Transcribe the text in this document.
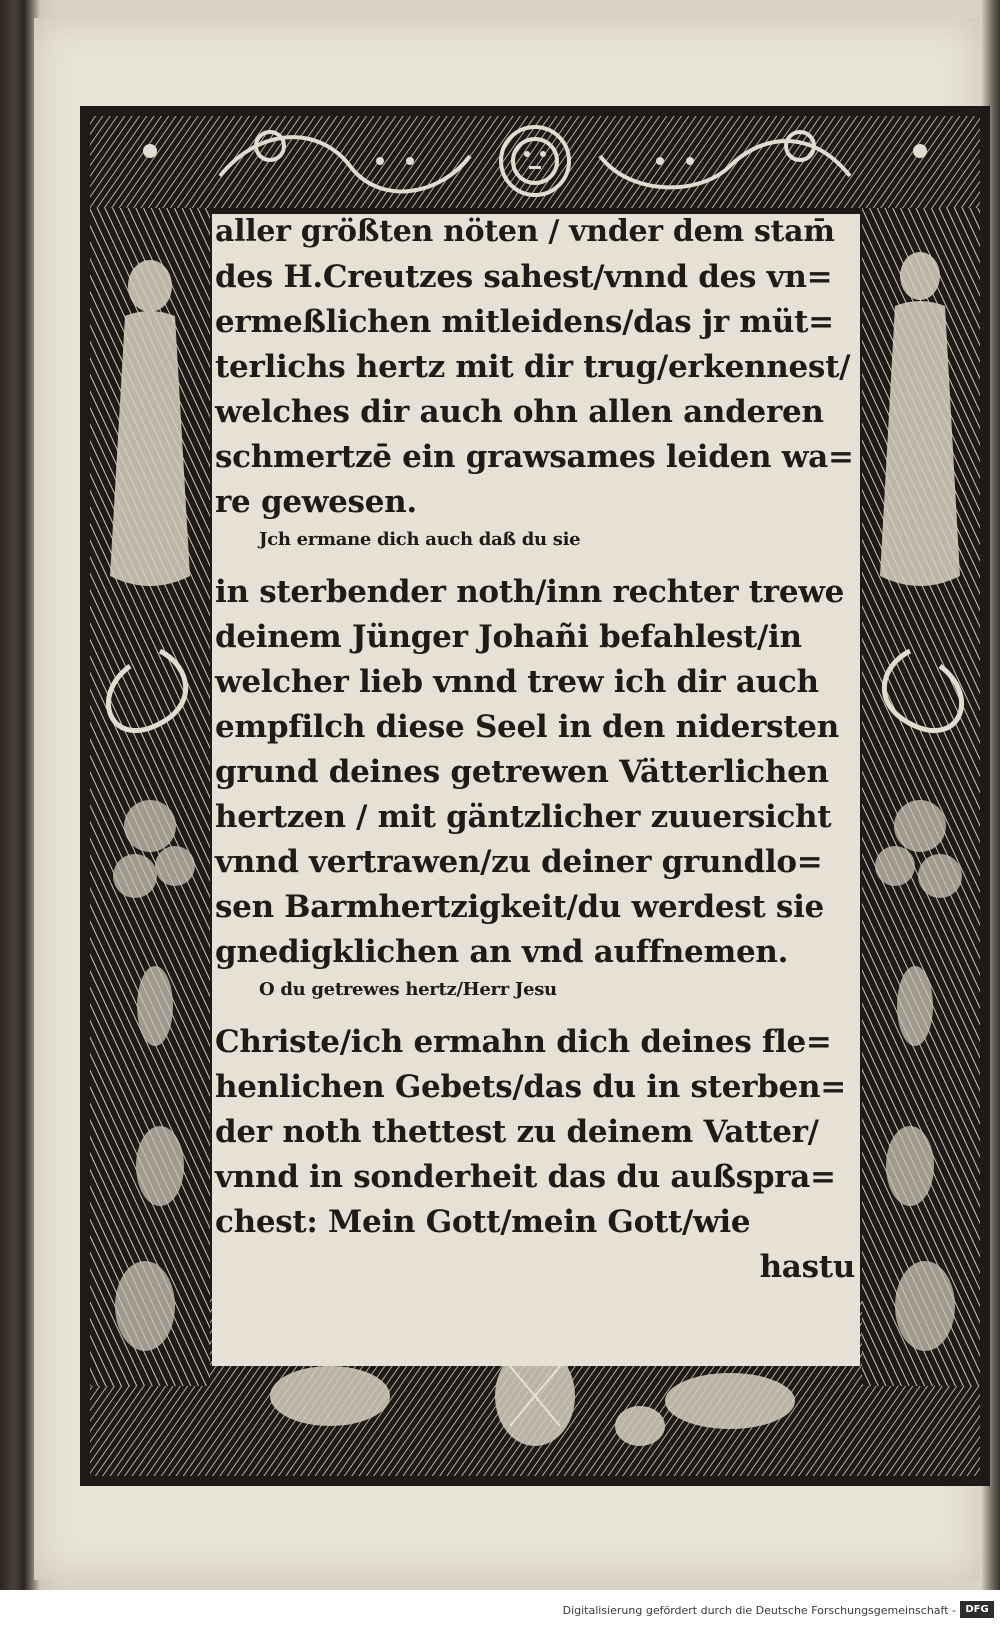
aller größten nöten / vnder dem stam̄
des H.Creutzes sahest/vnnd des vn=
ermeßlichen mitleidens/das jr müt=
terlichs hertz mit dir trug/erkennest/
welches dir auch ohn allen anderen
schmertzē ein grawsames leiden wa=
re gewesen.
Jch ermane dich auch daß du sie
in sterbender noth/inn rechter trewe
deinem Jünger Johañi befahlest/in
welcher lieb vnnd trew ich dir auch
empfilch diese Seel in den nidersten
grund deines getrewen Vätterlichen
hertzen / mit gäntzlicher zuuersicht
vnnd vertrawen/zu deiner grundlo=
sen Barmhertzigkeit/du werdest sie
gnedigklichen an vnd auffnemen.
O du getrewes hertz/Herr Jesu
Christe/ich ermahn dich deines fle=
henlichen Gebets/das du in sterben=
der noth thettest zu deinem Vatter/
vnnd in sonderheit das du außspra=
chest: Mein Gott/mein Gott/wie
hastu
Digitalisierung gefördert durch die Deutsche Forschungsgemeinschaft - DFG
